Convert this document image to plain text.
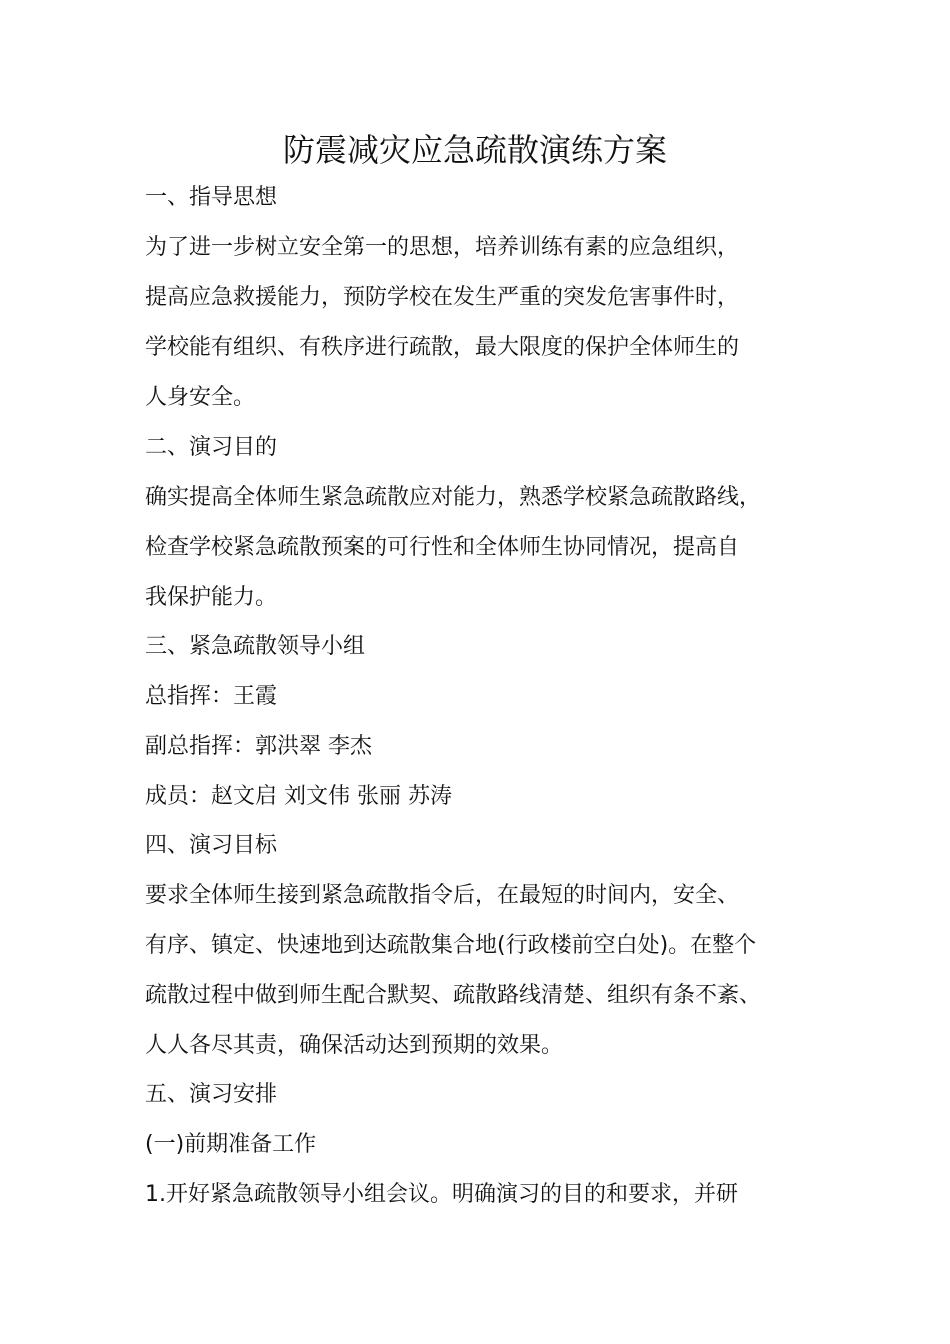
防震减灾应急疏散演练方案

一、指导思想

为了进一步树立安全第一的思想，培养训练有素的应急组织，

提高应急救援能力，预防学校在发生严重的突发危害事件时，

学校能有组织、有秩序进行疏散，最大限度的保护全体师生的

人身安全。

二、演习目的

确实提高全体师生紧急疏散应对能力，熟悉学校紧急疏散路线，

检查学校紧急疏散预案的可行性和全体师生协同情况，提高自

我保护能力。

三、紧急疏散领导小组

总指挥：王霞

副总指挥：郭洪翠 李杰

成员：赵文启 刘文伟 张丽 苏涛

四、演习目标

要求全体师生接到紧急疏散指令后，在最短的时间内，安全、

有序、镇定、快速地到达疏散集合地(行政楼前空白处)。在整个

疏散过程中做到师生配合默契、疏散路线清楚、组织有条不紊、

人人各尽其责，确保活动达到预期的效果。

五、演习安排

(一)前期准备工作

1.开好紧急疏散领导小组会议。明确演习的目的和要求，并研
